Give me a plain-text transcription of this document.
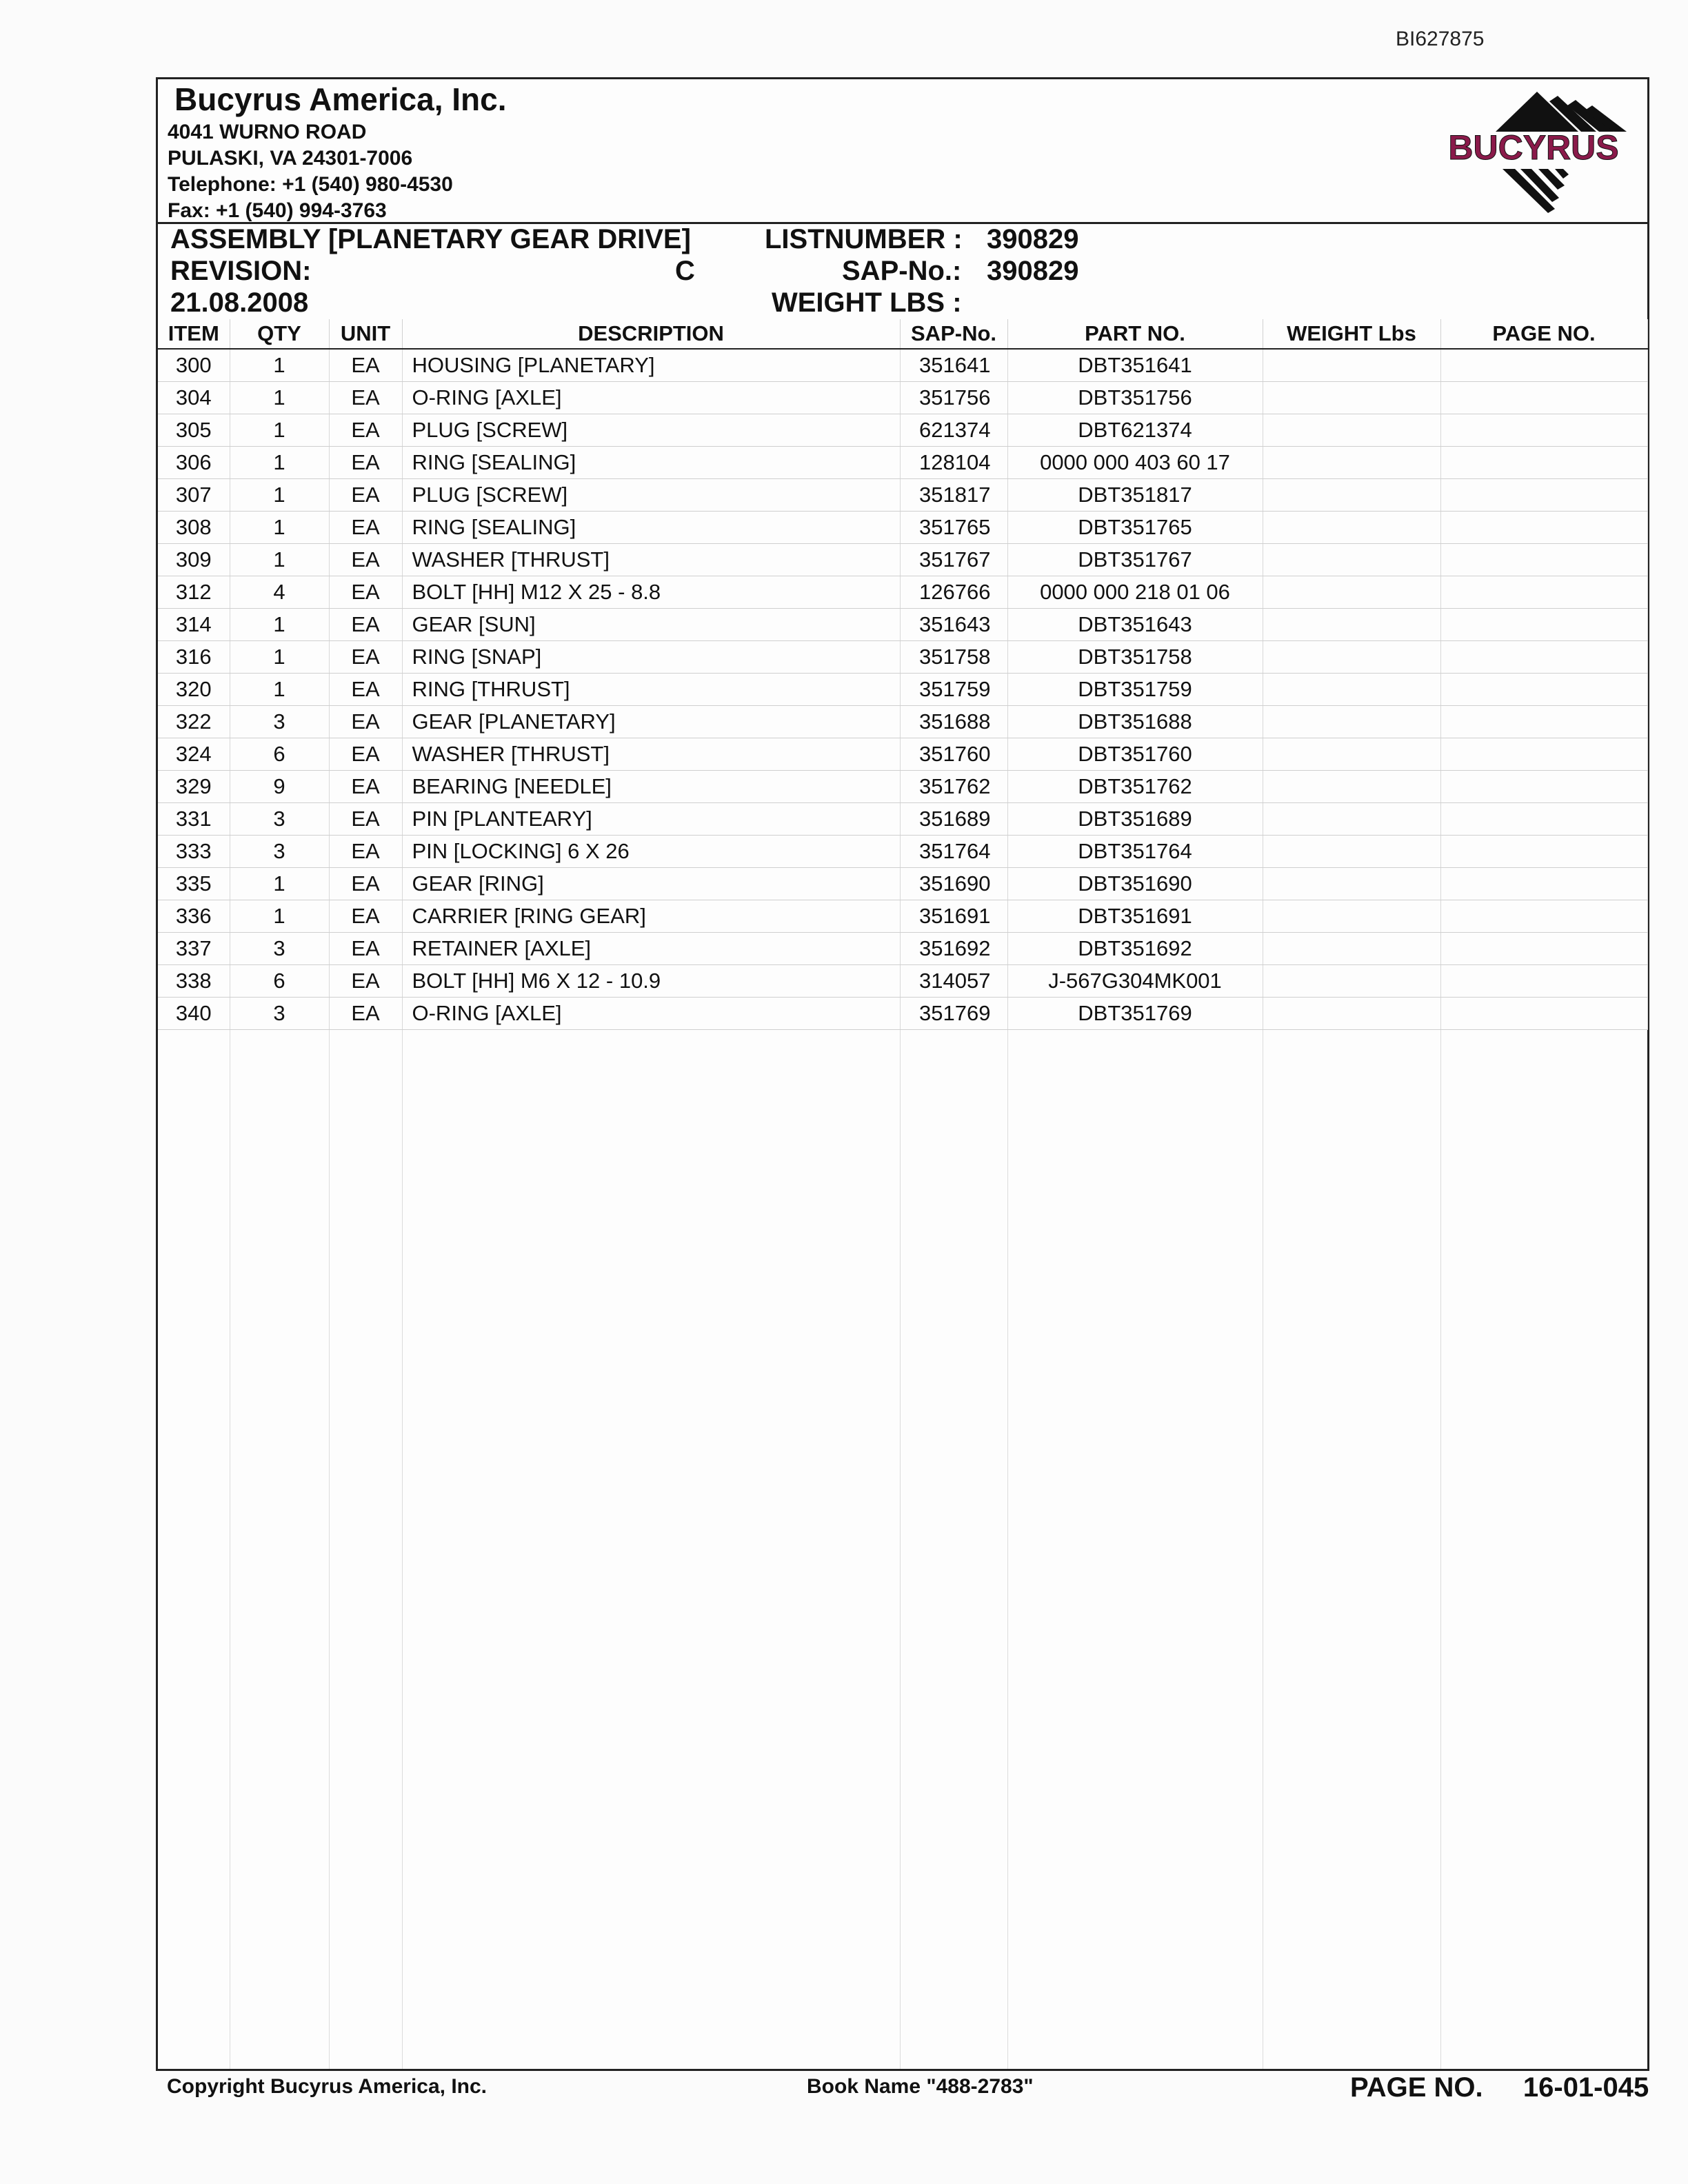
BI627875
Bucyrus America, Inc.
4041 WURNO ROAD
PULASKI, VA 24301-7006
Telephone: +1 (540) 980-4530
Fax: +1 (540) 994-3763
BUCYRUS
ASSEMBLY [PLANETARY GEAR DRIVE]
REVISION:	C
21.08.2008
LISTNUMBER : 390829
SAP-No.: 390829
WEIGHT LBS :
ITEM	QTY	UNIT	DESCRIPTION	SAP-No.	PART NO.	WEIGHT Lbs	PAGE NO.
300	1	EA	HOUSING [PLANETARY]	351641	DBT351641		
304	1	EA	O-RING [AXLE]	351756	DBT351756		
305	1	EA	PLUG [SCREW]	621374	DBT621374		
306	1	EA	RING [SEALING]	128104	0000 000 403 60 17		
307	1	EA	PLUG [SCREW]	351817	DBT351817		
308	1	EA	RING [SEALING]	351765	DBT351765		
309	1	EA	WASHER [THRUST]	351767	DBT351767		
312	4	EA	BOLT [HH] M12 X 25 - 8.8	126766	0000 000 218 01 06		
314	1	EA	GEAR [SUN]	351643	DBT351643		
316	1	EA	RING [SNAP]	351758	DBT351758		
320	1	EA	RING [THRUST]	351759	DBT351759		
322	3	EA	GEAR [PLANETARY]	351688	DBT351688		
324	6	EA	WASHER [THRUST]	351760	DBT351760		
329	9	EA	BEARING [NEEDLE]	351762	DBT351762		
331	3	EA	PIN [PLANTEARY]	351689	DBT351689		
333	3	EA	PIN [LOCKING] 6 X 26	351764	DBT351764		
335	1	EA	GEAR [RING]	351690	DBT351690		
336	1	EA	CARRIER [RING GEAR]	351691	DBT351691		
337	3	EA	RETAINER [AXLE]	351692	DBT351692		
338	6	EA	BOLT [HH] M6 X 12 - 10.9	314057	J-567G304MK001		
340	3	EA	O-RING [AXLE]	351769	DBT351769		
Copyright Bucyrus America, Inc.	Book Name "488-2783"	PAGE NO. 16-01-045
